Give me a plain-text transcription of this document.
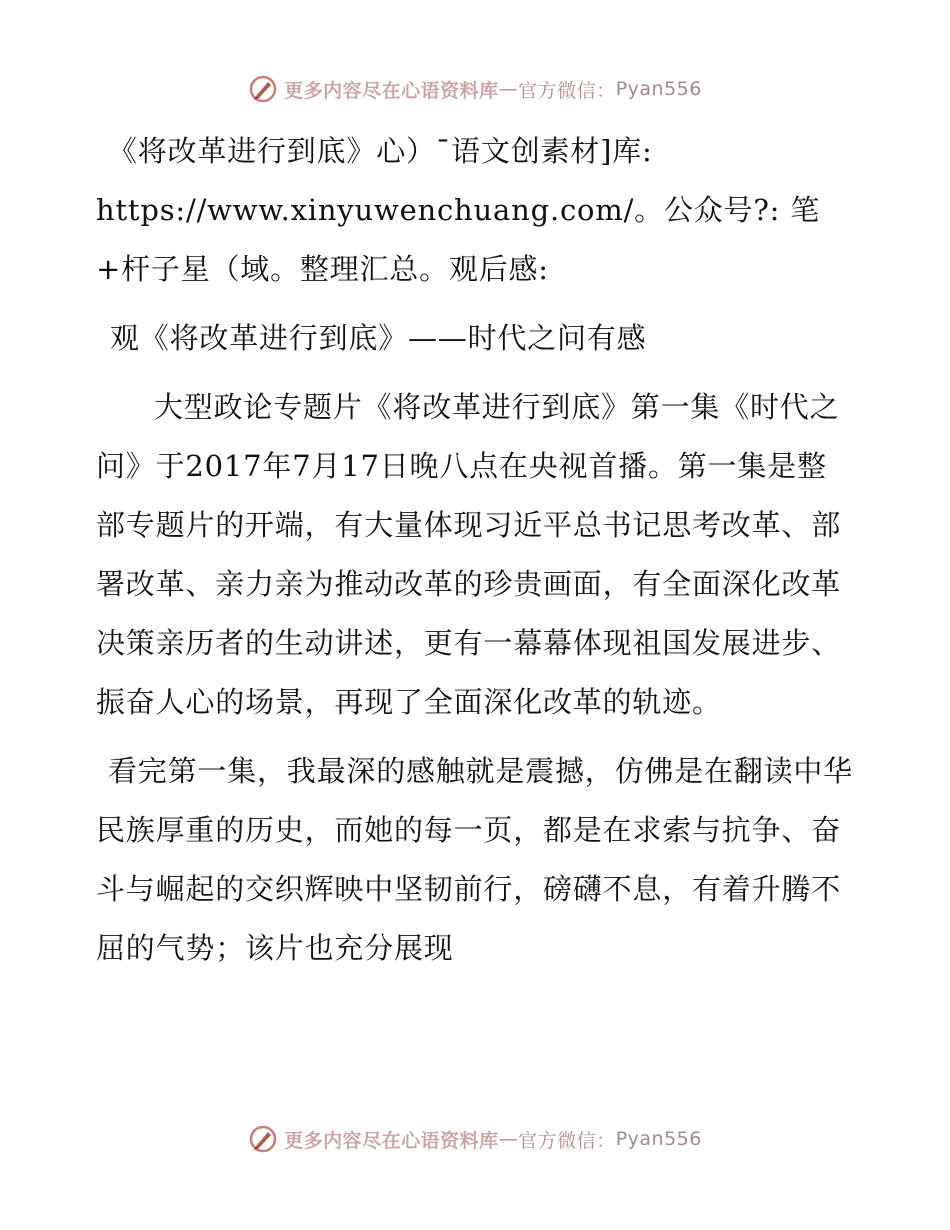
更多内容尽在心语资料库 — 官方微信： Pyan556

《将改革进行到底》心）¯语文创素材]库:

https://www.xinyuwenchuang.com/。公众号?: 笔

+杆子星（域。整理汇总。观后感:

观《将改革进行到底》——时代之问有感

大型政论专题片《将改革进行到底》第一集《时代之问》于2017年7月17日晚八点在央视首播。第一集是整部专题片的开端，有大量体现习近平总书记思考改革、部署改革、亲力亲为推动改革的珍贵画面，有全面深化改革决策亲历者的生动讲述，更有一幕幕体现祖国发展进步、振奋人心的场景，再现了全面深化改革的轨迹。

看完第一集，我最深的感触就是震撼，仿佛是在翻读中华民族厚重的历史，而她的每一页，都是在求索与抗争、奋斗与崛起的交织辉映中坚韧前行，磅礴不息，有着升腾不屈的气势；该片也充分展现

更多内容尽在心语资料库 — 官方微信： Pyan556
